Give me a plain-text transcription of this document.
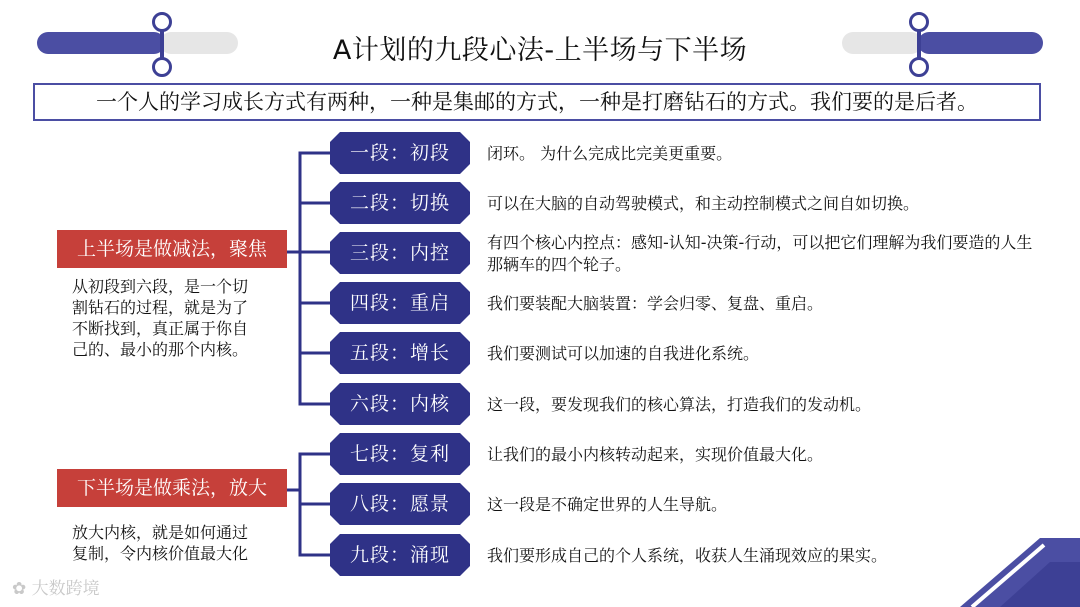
A计划的九段心法-上半场与下半场
一个人的学习成长方式有两种，一种是集邮的方式，一种是打磨钻石的方式。我们要的是后者。
上半场是做减法，聚焦
从初段到六段，是一个切
割钻石的过程，就是为了
不断找到，真正属于你自
己的、最小的那个内核。
下半场是做乘法，放大
放大内核，就是如何通过
复制，令内核价值最大化
一段：初段	闭环。 为什么完成比完美更重要。
二段：切换	可以在大脑的自动驾驶模式，和主动控制模式之间自如切换。
三段：内控	有四个核心内控点：感知-认知-决策-行动，可以把它们理解为我们要造的人生那辆车的四个轮子。
四段：重启	我们要装配大脑装置：学会归零、复盘、重启。
五段：增长	我们要测试可以加速的自我进化系统。
六段：内核	这一段，要发现我们的核心算法，打造我们的发动机。
七段：复利	让我们的最小内核转动起来，实现价值最大化。
八段：愿景	这一段是不确定世界的人生导航。
九段：涌现	我们要形成自己的个人系统，收获人生涌现效应的果实。
✿ 大数跨境
